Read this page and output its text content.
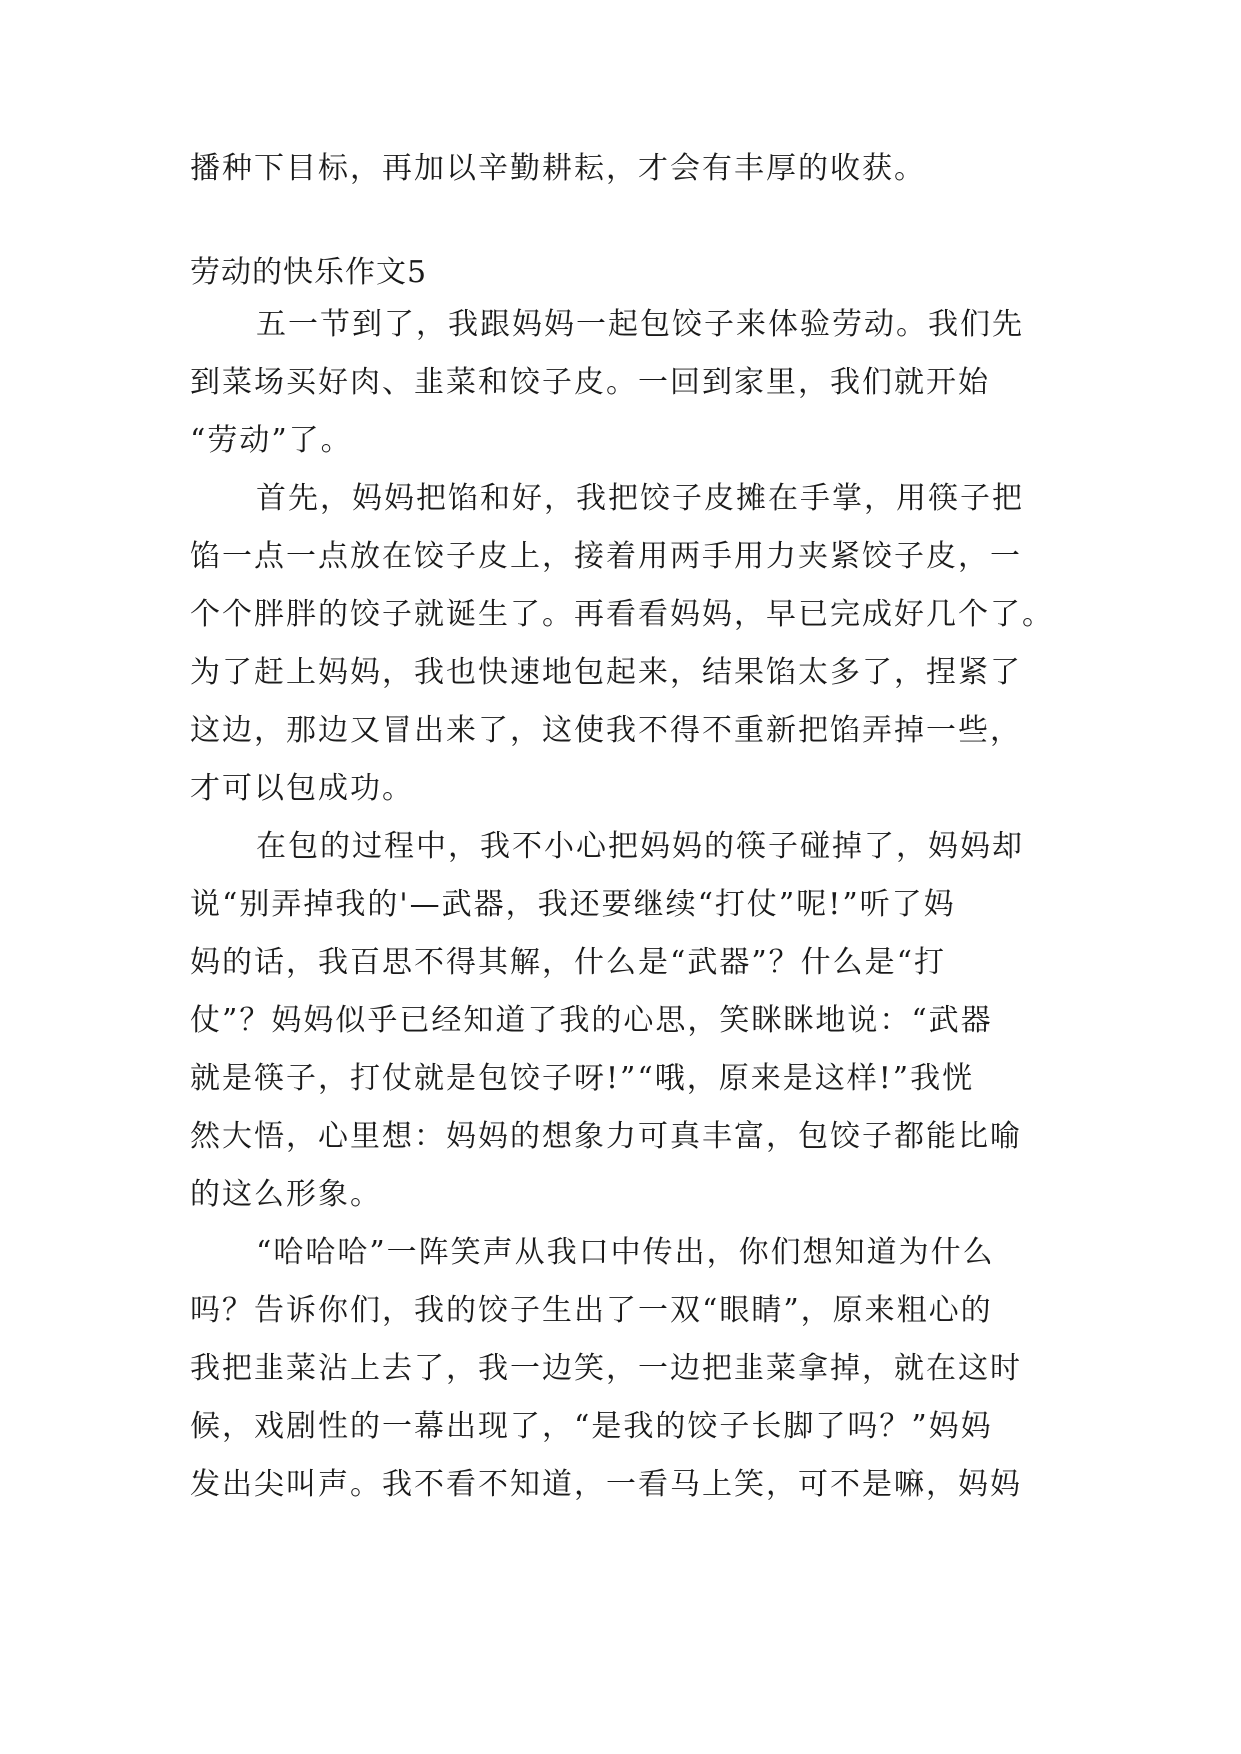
播种下目标，再加以辛勤耕耘，才会有丰厚的收获。
劳动的快乐作文5
五一节到了，我跟妈妈一起包饺子来体验劳动。我们先
到菜场买好肉、韭菜和饺子皮。一回到家里，我们就开始
“劳动”了。
首先，妈妈把馅和好，我把饺子皮摊在手掌，用筷子把
馅一点一点放在饺子皮上，接着用两手用力夹紧饺子皮，一
个个胖胖的饺子就诞生了。再看看妈妈，早已完成好几个了。
为了赶上妈妈，我也快速地包起来，结果馅太多了，捏紧了
这边，那边又冒出来了，这使我不得不重新把馅弄掉一些，
才可以包成功。
在包的过程中，我不小心把妈妈的筷子碰掉了，妈妈却
说“别弄掉我的'—武器，我还要继续“打仗”呢!”听了妈
妈的话，我百思不得其解，什么是“武器”？什么是“打
仗”？妈妈似乎已经知道了我的心思，笑眯眯地说：“武器
就是筷子，打仗就是包饺子呀!”“哦，原来是这样!”我恍
然大悟，心里想：妈妈的想象力可真丰富，包饺子都能比喻
的这么形象。
“哈哈哈”一阵笑声从我口中传出，你们想知道为什么
吗？告诉你们，我的饺子生出了一双“眼睛”，原来粗心的
我把韭菜沾上去了，我一边笑，一边把韭菜拿掉，就在这时
候，戏剧性的一幕出现了，“是我的饺子长脚了吗？”妈妈
发出尖叫声。我不看不知道，一看马上笑，可不是嘛，妈妈
